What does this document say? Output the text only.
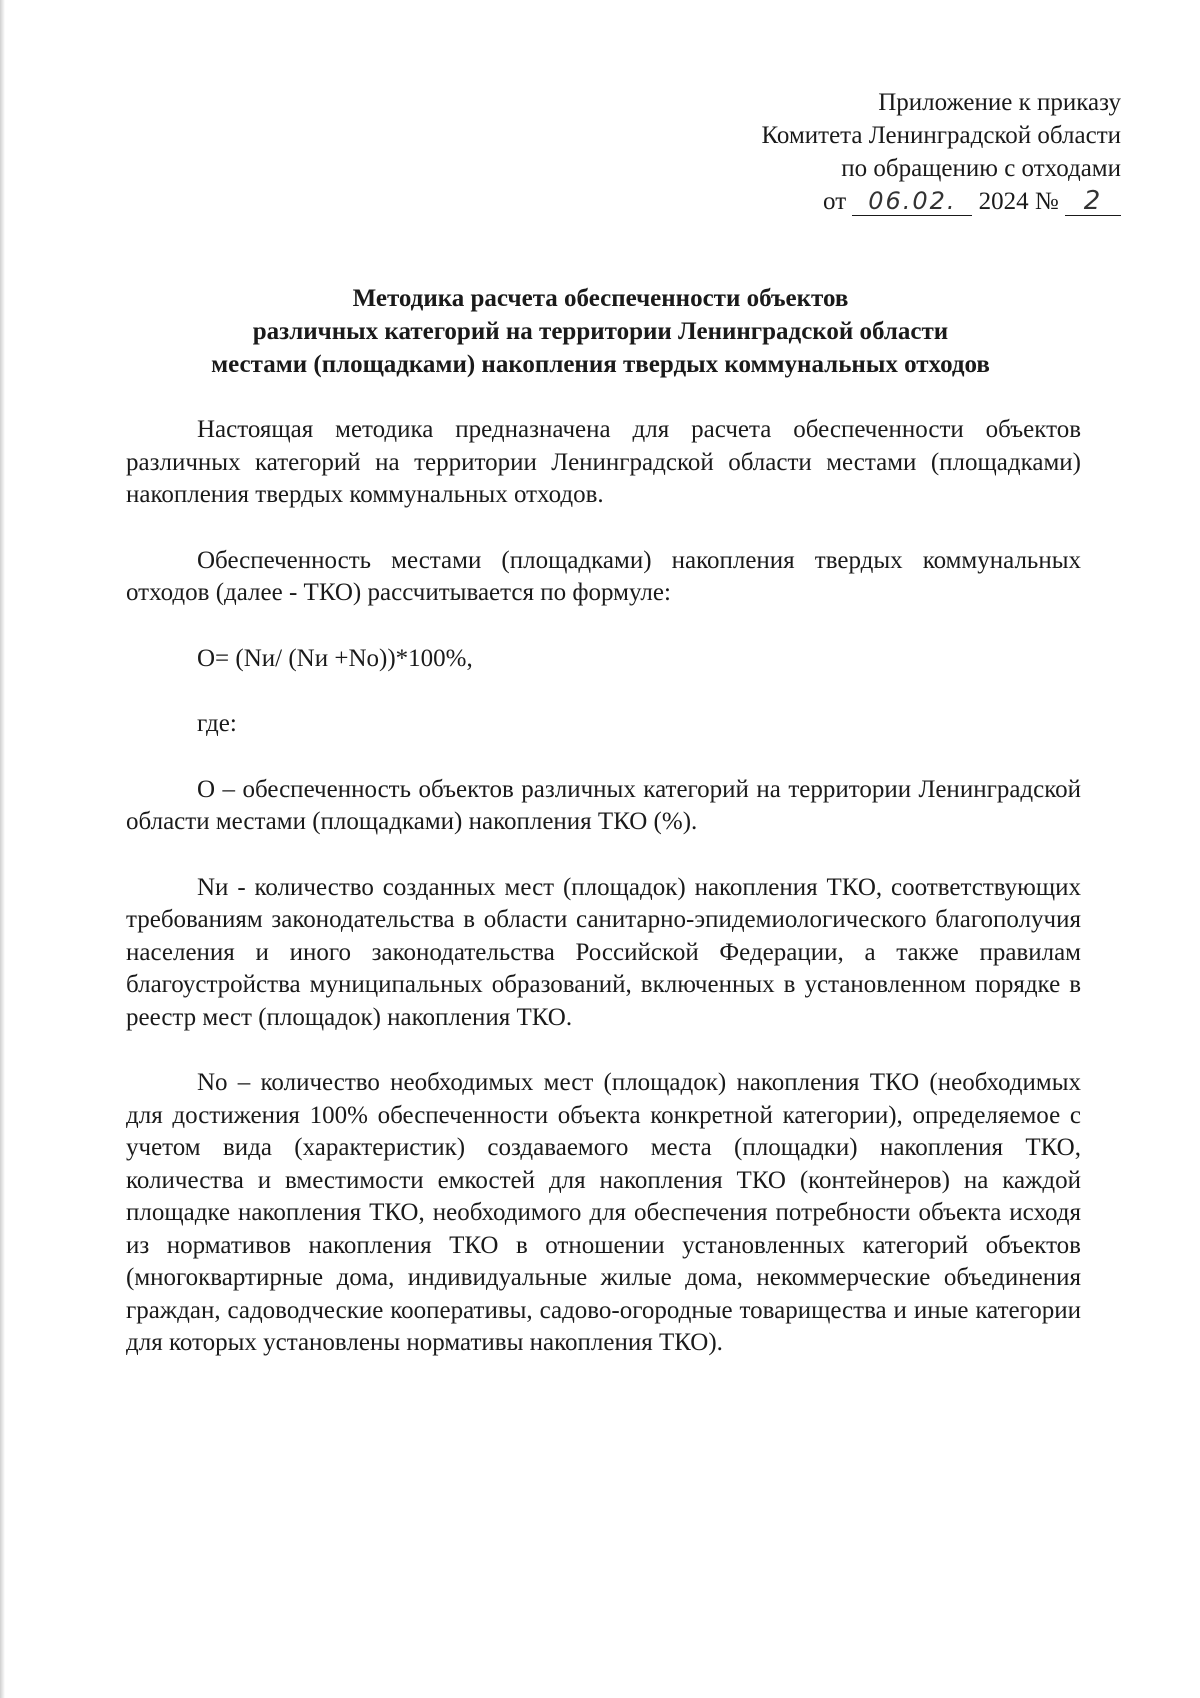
Приложение к приказу
Комитета Ленинградской области
по обращению с отходами
от 06.02. 2024 № 2
Методика расчета обеспеченности объектов
различных категорий на территории Ленинградской области
местами (площадками) накопления твердых коммунальных отходов

Настоящая методика предназначена для расчета обеспеченности объектов различных категорий на территории Ленинградской области местами (площадками) накопления твердых коммунальных отходов.

Обеспеченность местами (площадками) накопления твердых коммунальных отходов (далее - ТКО) рассчитывается по формуле:

О= (Nи/ (Nи +Nо))*100%,

где:

О – обеспеченность объектов различных категорий на территории Ленинградской области местами (площадками) накопления ТКО (%).

Nи - количество созданных мест (площадок) накопления ТКО, соответствующих требованиям законодательства в области санитарно-эпидемиологического благополучия населения и иного законодательства Российской Федерации, а также правилам благоустройства муниципальных образований, включенных в установленном порядке в реестр мест (площадок) накопления ТКО.

Nо – количество необходимых мест (площадок) накопления ТКО (необходимых для достижения 100% обеспеченности объекта конкретной категории), определяемое с учетом вида (характеристик) создаваемого места (площадки) накопления ТКО, количества и вместимости емкостей для накопления ТКО (контейнеров) на каждой площадке накопления ТКО, необходимого для обеспечения потребности объекта исходя из нормативов накопления ТКО в отношении установленных категорий объектов (многоквартирные дома, индивидуальные жилые дома, некоммерческие объединения граждан, садоводческие кооперативы, садово-огородные товарищества и иные категории для которых установлены нормативы накопления ТКО).
